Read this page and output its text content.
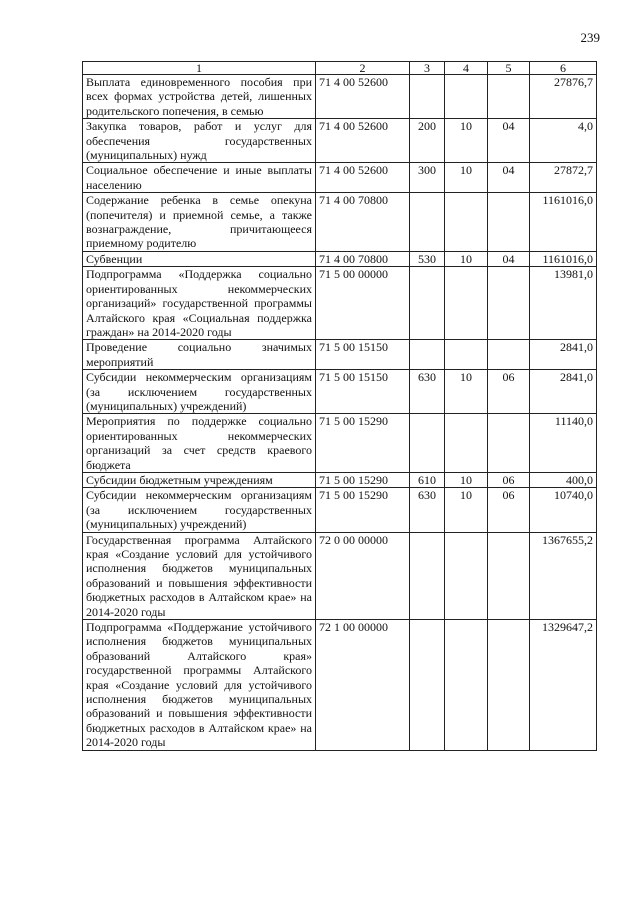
239
1	2	3	4	5	6
Выплата единовременного пособия при всех формах устройства детей, лишенных родительского попечения, в семью	71 4 00 52600				27876,7
Закупка товаров, работ и услуг для обеспечения государственных (муниципальных) нужд	71 4 00 52600	200	10	04	4,0
Социальное обеспечение и иные выплаты населению	71 4 00 52600	300	10	04	27872,7
Содержание ребенка в семье опекуна (попечителя) и приемной семье, а также вознаграждение, причитающееся приемному родителю	71 4 00 70800				1161016,0
Субвенции	71 4 00 70800	530	10	04	1161016,0
Подпрограмма «Поддержка социально ориентированных некоммерческих организаций» государственной программы Алтайского края «Социальная поддержка граждан» на 2014-2020 годы	71 5 00 00000				13981,0
Проведение социально значимых мероприятий	71 5 00 15150				2841,0
Субсидии некоммерческим организациям (за исключением государственных (муниципальных) учреждений)	71 5 00 15150	630	10	06	2841,0
Мероприятия по поддержке социально ориентированных некоммерческих организаций за счет средств краевого бюджета	71 5 00 15290				11140,0
Субсидии бюджетным учреждениям	71 5 00 15290	610	10	06	400,0
Субсидии некоммерческим организациям (за исключением государственных (муниципальных) учреждений)	71 5 00 15290	630	10	06	10740,0
Государственная программа Алтайского края «Создание условий для устойчивого исполнения бюджетов муниципальных образований и повышения эффективности бюджетных расходов в Алтайском крае» на 2014-2020 годы	72 0 00 00000				1367655,2
Подпрограмма «Поддержание устойчивого исполнения бюджетов муниципальных образований Алтайского края» государственной программы Алтайского края «Создание условий для устойчивого исполнения бюджетов муниципальных образований и повышения эффективности бюджетных расходов в Алтайском крае» на 2014-2020 годы	72 1 00 00000				1329647,2
